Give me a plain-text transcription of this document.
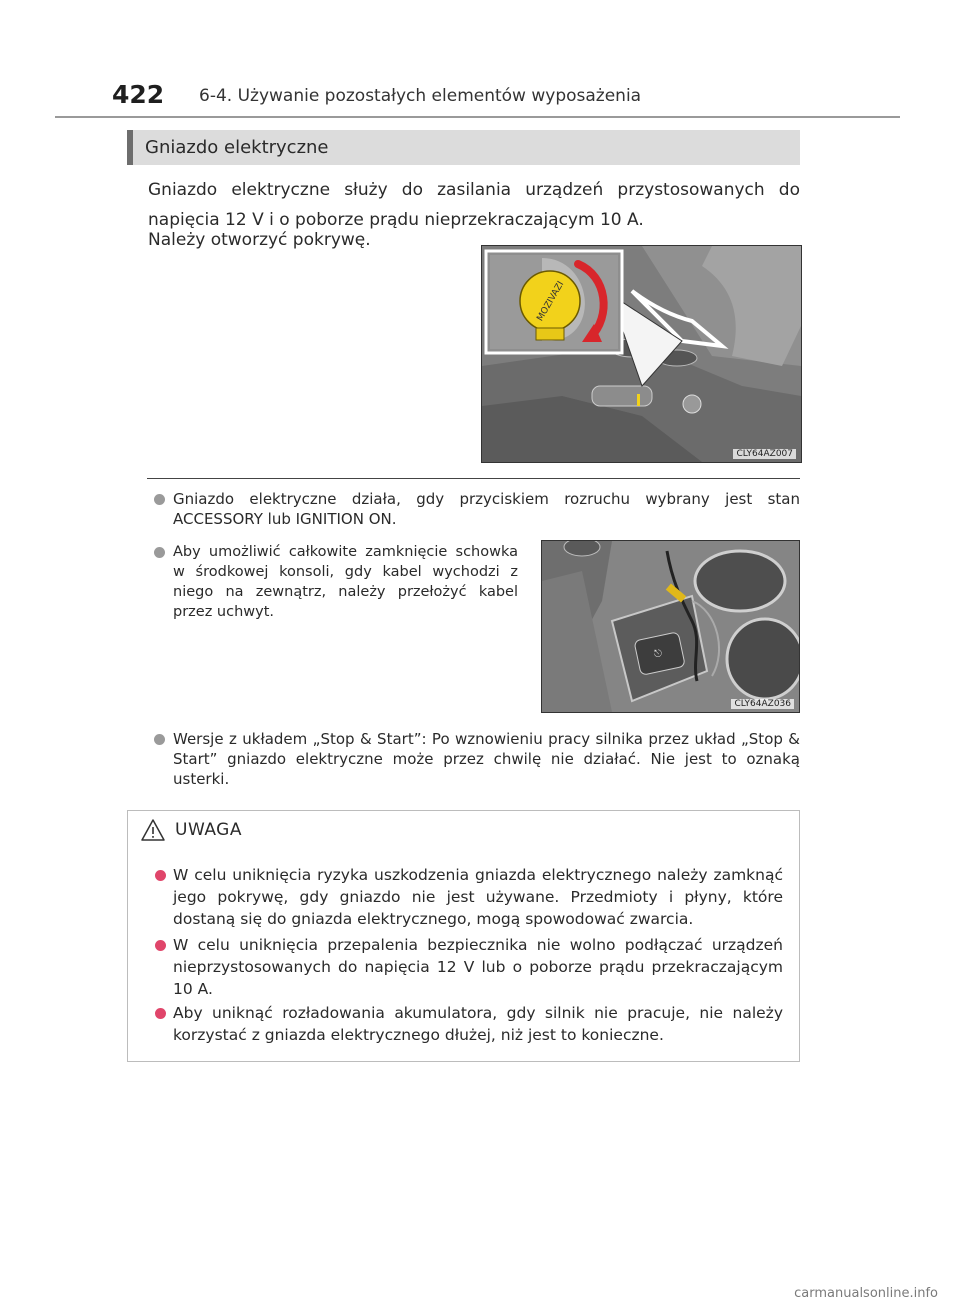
422 6-4. Używanie pozostałych elementów wyposażenia
Gniazdo elektryczne
Gniazdo elektryczne służy do zasilania urządzeń przystosowanych do napięcia 12 V i o poborze prądu nieprzekraczającym 10 A.
Należy otworzyć pokrywę.
MOZIVAZI
CLY64AZ007
Gniazdo elektryczne działa, gdy przyciskiem rozruchu wybrany jest stan ACCESSORY lub IGNITION ON.
Aby umożliwić całkowite zamknięcie schowka w środkowej konsoli, gdy kabel wychodzi z niego na zewnątrz, należy przełożyć kabel przez uchwyt.
⎋
CLY64AZ036
Wersje z układem „Stop & Start”: Po wznowieniu pracy silnika przez układ „Stop & Start” gniazdo elektryczne może przez chwilę nie działać. Nie jest to oznaką usterki.
UWAGA
W celu uniknięcia ryzyka uszkodzenia gniazda elektrycznego należy zamknąć jego pokrywę, gdy gniazdo nie jest używane. Przedmioty i płyny, które dostaną się do gniazda elektrycznego, mogą spowodować zwarcia.
W celu uniknięcia przepalenia bezpiecznika nie wolno podłączać urządzeń nieprzystosowanych do napięcia 12 V lub o poborze prądu przekraczającym 10 A.
Aby uniknąć rozładowania akumulatora, gdy silnik nie pracuje, nie należy korzystać z gniazda elektrycznego dłużej, niż jest to konieczne.
carmanualsonline.info
